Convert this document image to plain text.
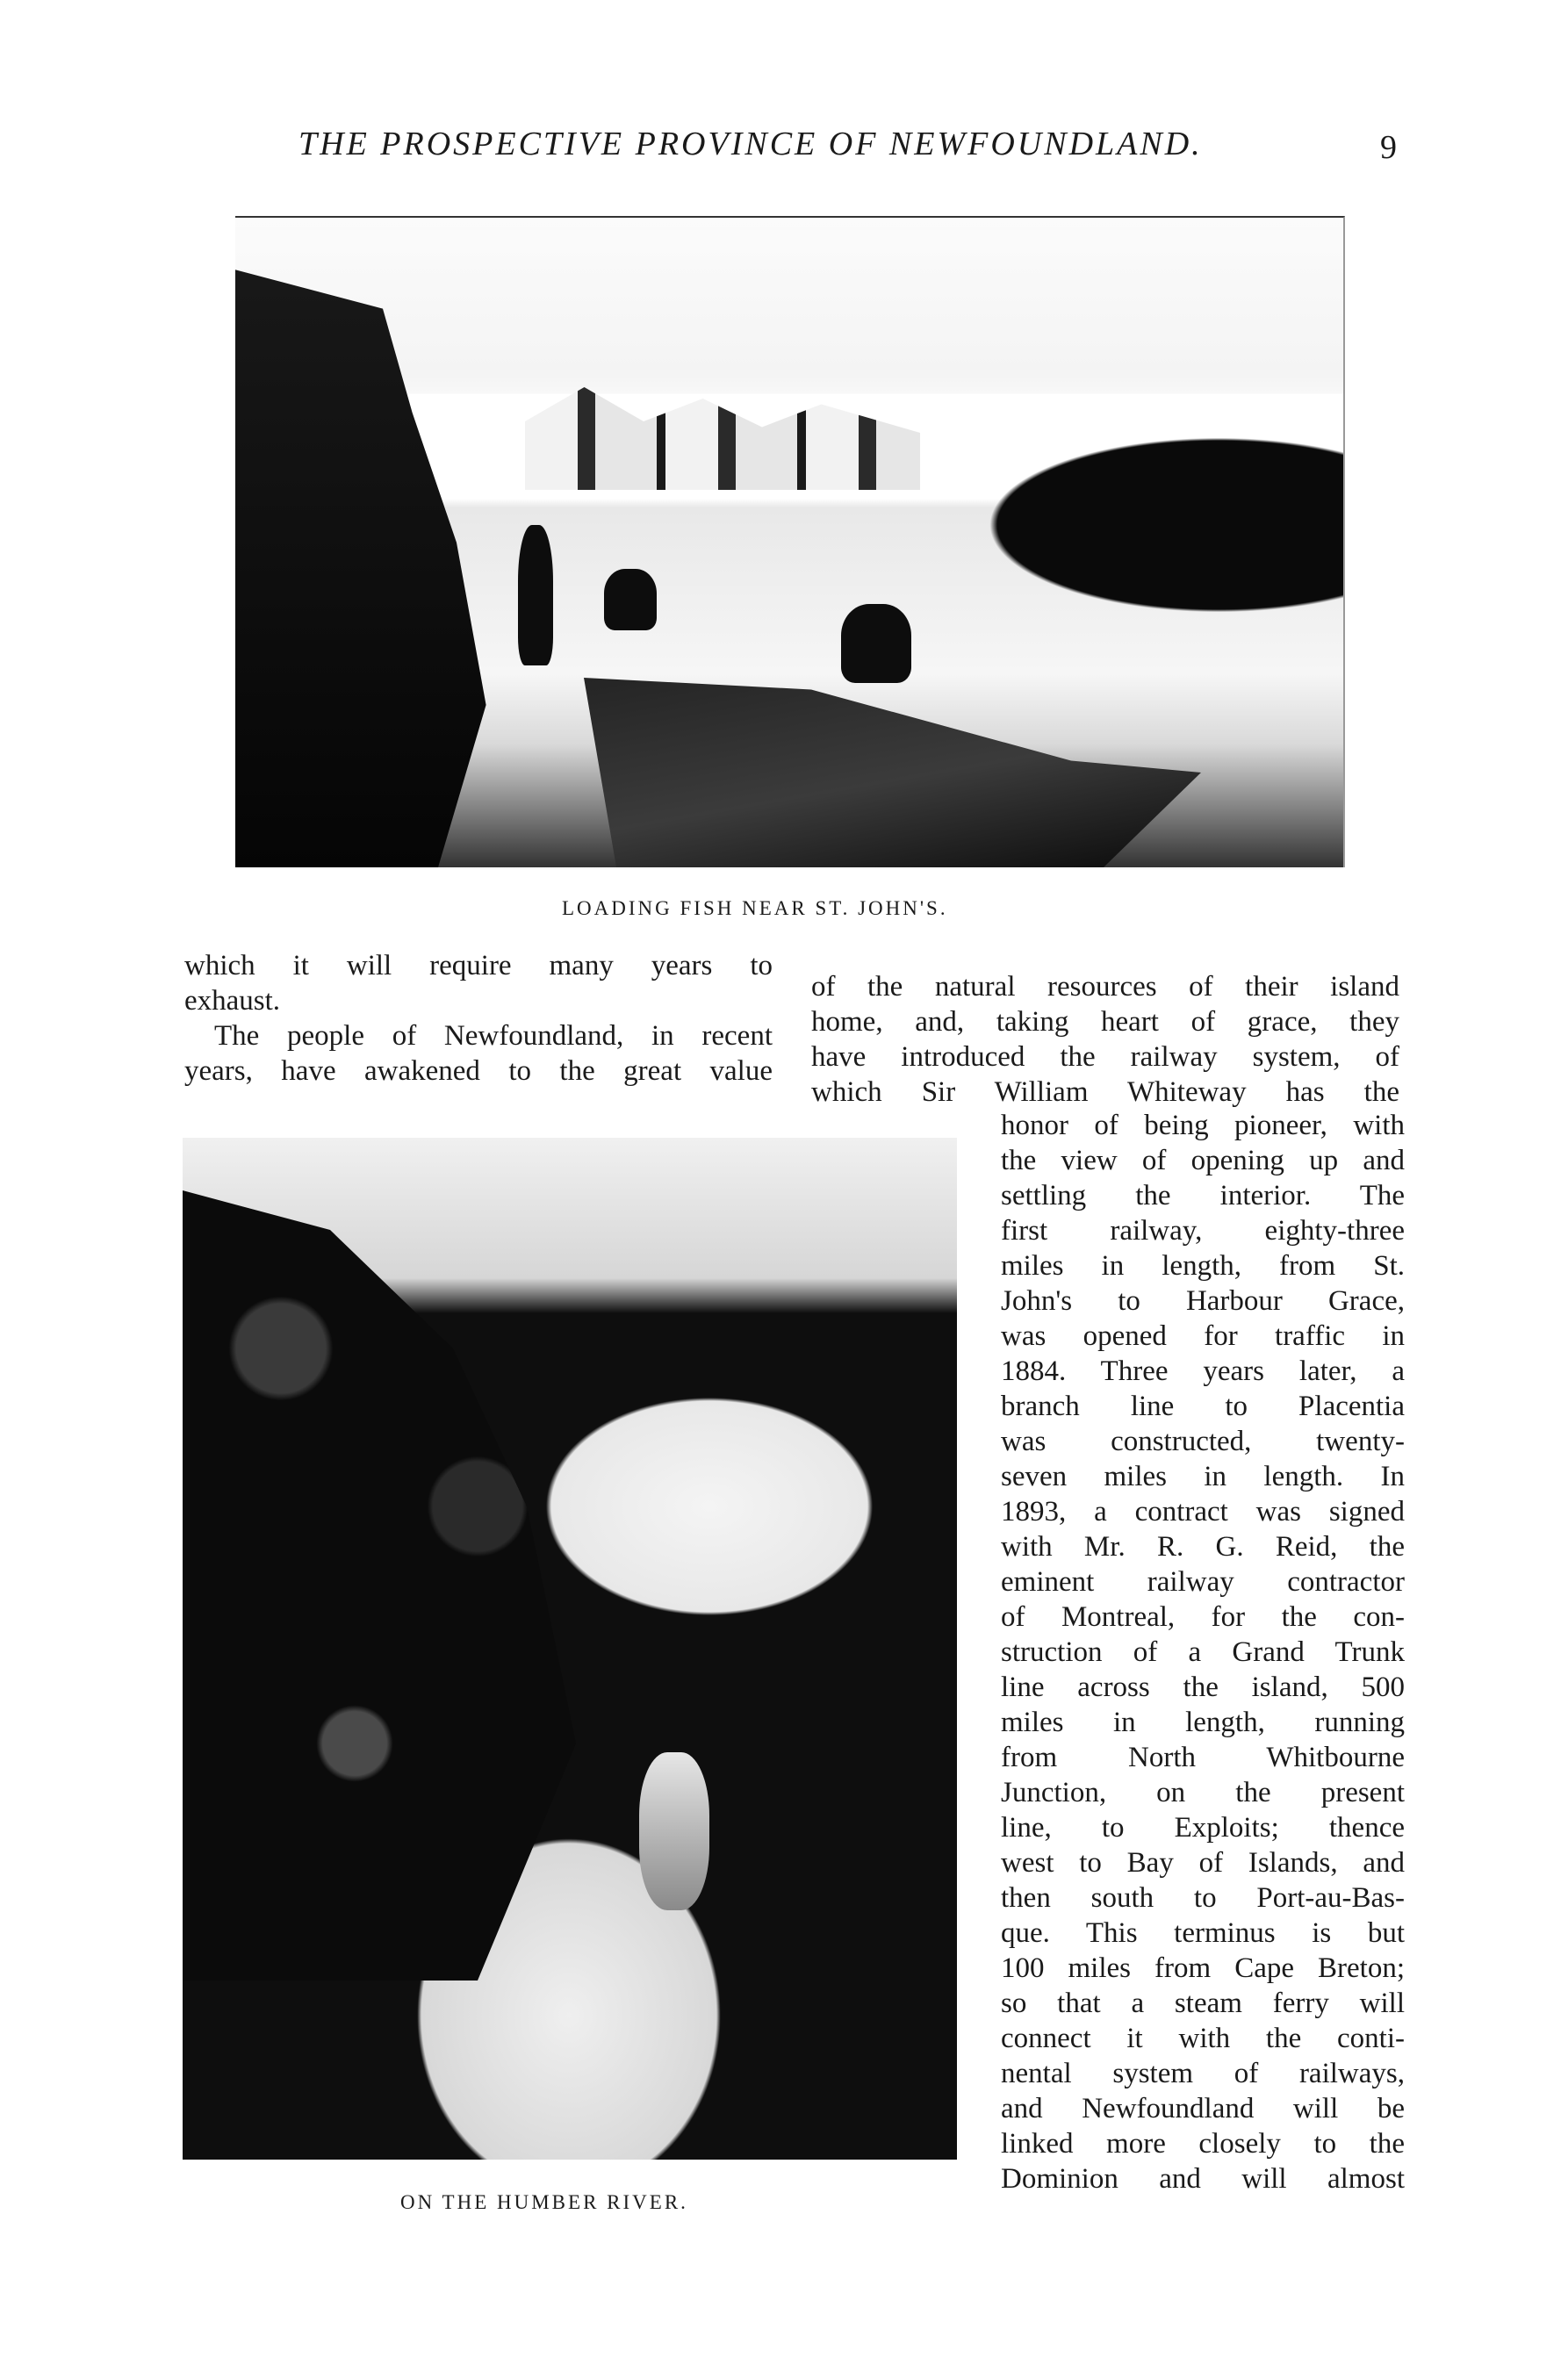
THE PROSPECTIVE PROVINCE OF NEWFOUNDLAND.	9
LOADING FISH NEAR ST. JOHN'S.
which it will require many years to
exhaust.
The people of Newfoundland, in recent
years, have awakened to the great value
of the natural resources of their island
home, and, taking heart of grace, they
have introduced the railway system, of
which Sir William Whiteway has the
ON THE HUMBER RIVER.
honor of being pioneer, with
the view of opening up and
settling the interior. The
first railway, eighty-three
miles in length, from St.
John's to Harbour Grace,
was opened for traffic in
1884. Three years later, a
branch line to Placentia
was constructed, twenty-
seven miles in length. In
1893, a contract was signed
with Mr. R. G. Reid, the
eminent railway contractor
of Montreal, for the con-
struction of a Grand Trunk
line across the island, 500
miles in length, running
from North Whitbourne
Junction, on the present
line, to Exploits; thence
west to Bay of Islands, and
then south to Port-au-Bas-
que. This terminus is but
100 miles from Cape Breton;
so that a steam ferry will
connect it with the conti-
nental system of railways,
and Newfoundland will be
linked more closely to the
Dominion and will almost
